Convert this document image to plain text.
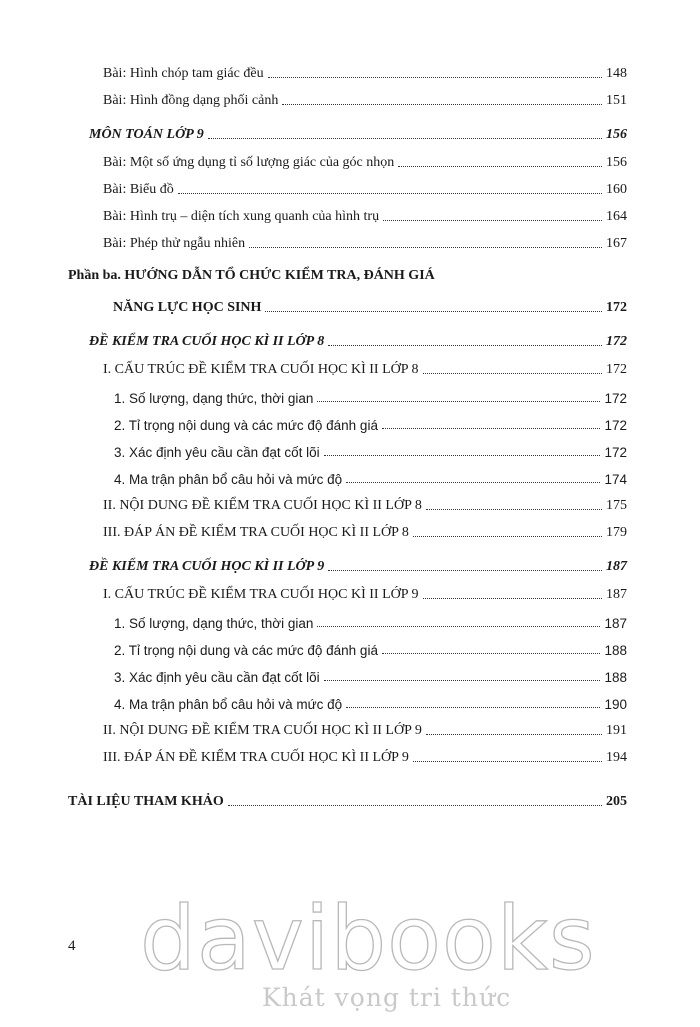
Bài: Hình chóp tam giác đều	148
Bài: Hình đồng dạng phối cảnh	151
MÔN TOÁN LỚP 9	156
Bài: Một số ứng dụng tỉ số lượng giác của góc nhọn	156
Bài: Biểu đồ	160
Bài: Hình trụ – diện tích xung quanh của hình trụ	164
Bài: Phép thử ngẫu nhiên	167
Phần ba. HƯỚNG DẪN TỔ CHỨC KIỂM TRA, ĐÁNH GIÁ
NĂNG LỰC HỌC SINH	172
ĐỀ KIỂM TRA CUỐI HỌC KÌ II LỚP 8	172
I. CẤU TRÚC ĐỀ KIỂM TRA CUỐI HỌC KÌ II LỚP 8	172
1. Số lượng, dạng thức, thời gian	172
2. Tỉ trọng nội dung và các mức độ đánh giá	172
3. Xác định yêu cầu cần đạt cốt lõi	172
4. Ma trận phân bổ câu hỏi và mức độ	174
II. NỘI DUNG ĐỀ KIỂM TRA CUỐI HỌC KÌ II LỚP 8	175
III. ĐÁP ÁN ĐỀ KIỂM TRA CUỐI HỌC KÌ II LỚP 8	179
ĐỀ KIỂM TRA CUỐI HỌC KÌ II LỚP 9	187
I. CẤU TRÚC ĐỀ KIỂM TRA CUỐI HỌC KÌ II LỚP 9	187
1. Số lượng, dạng thức, thời gian	187
2. Tỉ trọng nội dung và các mức độ đánh giá	188
3. Xác định yêu cầu cần đạt cốt lõi	188
4. Ma trận phân bổ câu hỏi và mức độ	190
II. NỘI DUNG ĐỀ KIỂM TRA CUỐI HỌC KÌ II LỚP 9	191
III. ĐÁP ÁN ĐỀ KIỂM TRA CUỐI HỌC KÌ II LỚP 9	194
TÀI LIỆU THAM KHẢO	205
4 davibooks
Khát vọng tri thức
